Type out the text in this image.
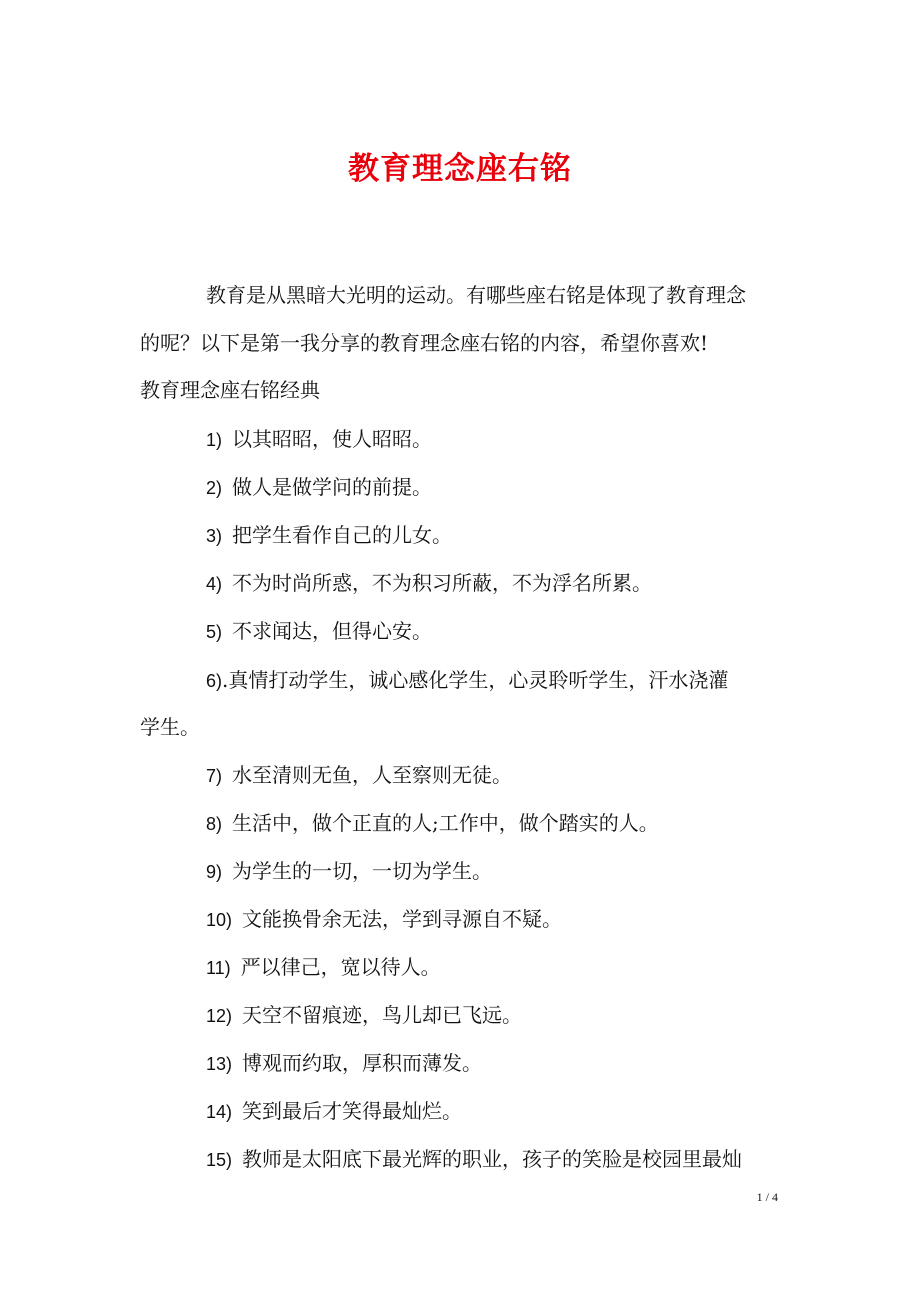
教育理念座右铭
教育是从黑暗大光明的运动。有哪些座右铭是体现了教育理念
的呢？以下是第一我分享的教育理念座右铭的内容，希望你喜欢!
教育理念座右铭经典
1) 以其昭昭，使人昭昭。
2) 做人是做学问的前提。
3) 把学生看作自己的儿女。
4) 不为时尚所惑，不为积习所蔽，不为浮名所累。
5) 不求闻达，但得心安。
6).真情打动学生，诚心感化学生，心灵聆听学生，汗水浇灌
学生。
7) 水至清则无鱼，人至察则无徒。
8) 生活中，做个正直的人;工作中，做个踏实的人。
9) 为学生的一切，一切为学生。
10) 文能换骨余无法，学到寻源自不疑。
11) 严以律己，宽以待人。
12) 天空不留痕迹，鸟儿却已飞远。
13) 博观而约取，厚积而薄发。
14) 笑到最后才笑得最灿烂。
15) 教师是太阳底下最光辉的职业，孩子的笑脸是校园里最灿
1 / 4
